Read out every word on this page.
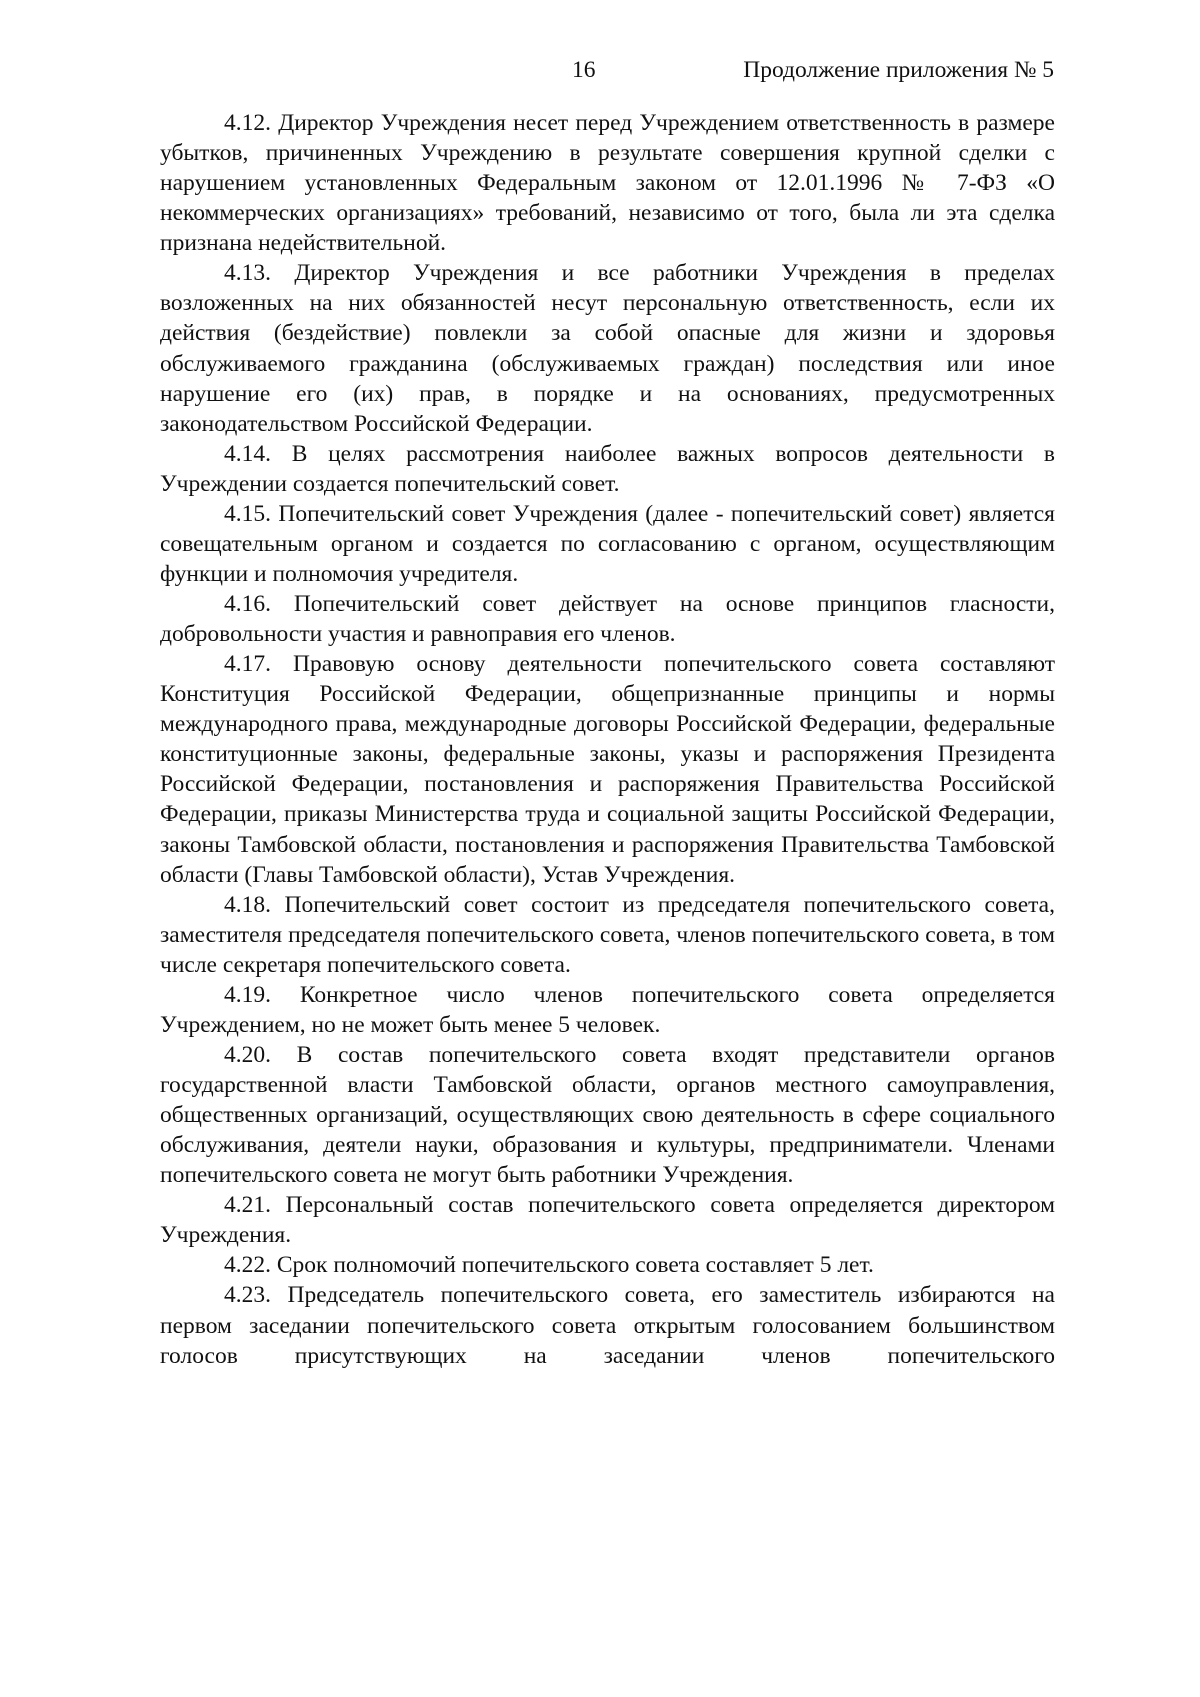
16	Продолжение приложения № 5

4.12. Директор Учреждения несет перед Учреждением ответственность в размере убытков, причиненных Учреждению в результате совершения крупной сделки с нарушением установленных Федеральным законом от 12.01.1996 № 7-ФЗ «О некоммерческих организациях» требований, независимо от того, была ли эта сделка признана недействительной.

4.13. Директор Учреждения и все работники Учреждения в пределах возложенных на них обязанностей несут персональную ответственность, если их действия (бездействие) повлекли за собой опасные для жизни и здоровья обслуживаемого гражданина (обслуживаемых граждан) последствия или иное нарушение его (их) прав, в порядке и на основаниях, предусмотренных законодательством Российской Федерации.

4.14. В целях рассмотрения наиболее важных вопросов деятельности в Учреждении создается попечительский совет.

4.15. Попечительский совет Учреждения (далее - попечительский совет) является совещательным органом и создается по согласованию с органом, осуществляющим функции и полномочия учредителя.

4.16. Попечительский совет действует на основе принципов гласности, добровольности участия и равноправия его членов.

4.17. Правовую основу деятельности попечительского совета составляют Конституция Российской Федерации, общепризнанные принципы и нормы международного права, международные договоры Российской Федерации, федеральные конституционные законы, федеральные законы, указы и распоряжения Президента Российской Федерации, постановления и распоряжения Правительства Российской Федерации, приказы Министерства труда и социальной защиты Российской Федерации, законы Тамбовской области, постановления и распоряжения Правительства Тамбовской области (Главы Тамбовской области), Устав Учреждения.

4.18. Попечительский совет состоит из председателя попечительского совета, заместителя председателя попечительского совета, членов попечительского совета, в том числе секретаря попечительского совета.

4.19. Конкретное число членов попечительского совета определяется Учреждением, но не может быть менее 5 человек.

4.20. В состав попечительского совета входят представители органов государственной власти Тамбовской области, органов местного самоуправления, общественных организаций, осуществляющих свою деятельность в сфере социального обслуживания, деятели науки, образования и культуры, предприниматели. Членами попечительского совета не могут быть работники Учреждения.

4.21. Персональный состав попечительского совета определяется директором Учреждения.

4.22. Срок полномочий попечительского совета составляет 5 лет.

4.23. Председатель попечительского совета, его заместитель избираются на первом заседании попечительского совета открытым голосованием большинством голосов присутствующих на заседании членов попечительского
